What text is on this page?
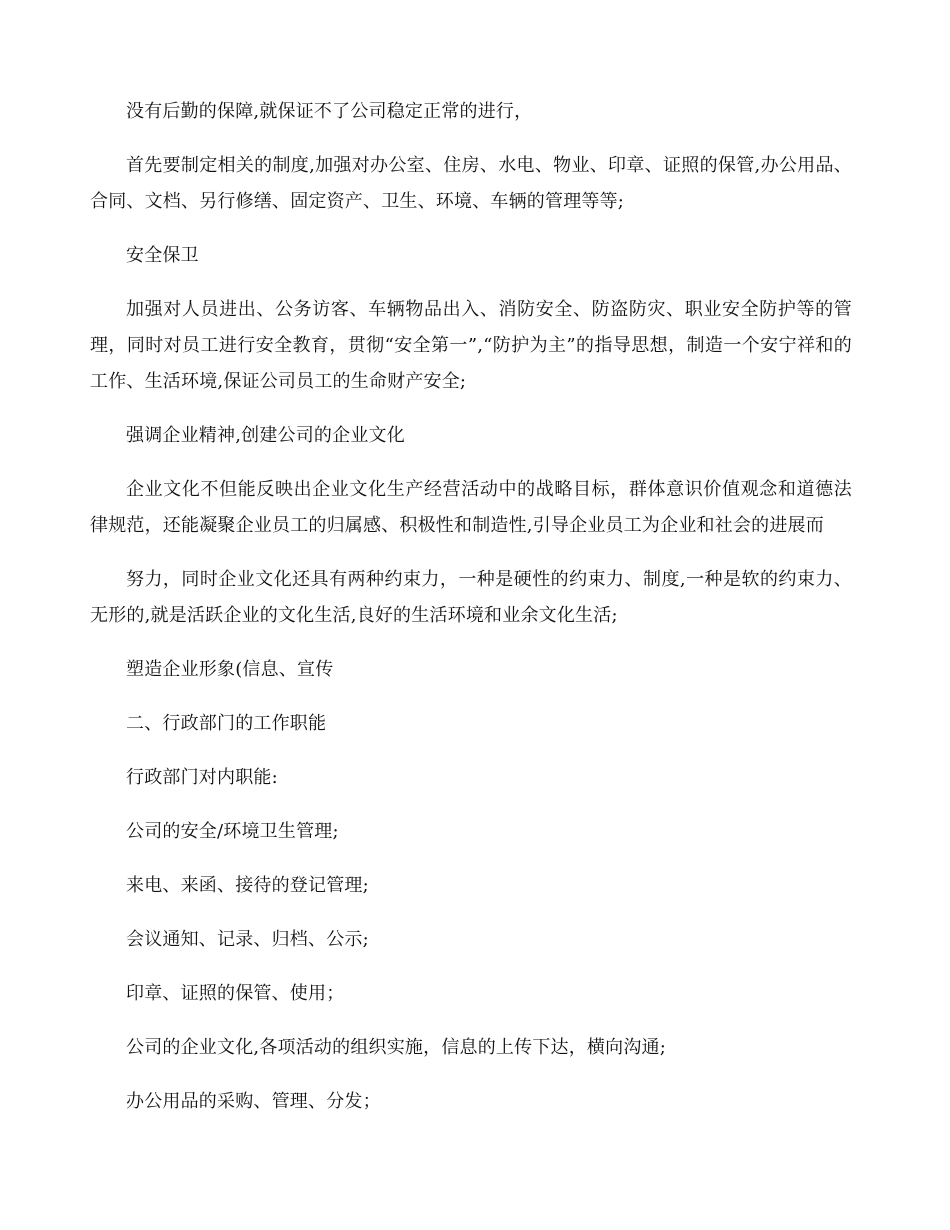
没有后勤的保障,就保证不了公司稳定正常的进行，

首先要制定相关的制度,加强对办公室、住房、水电、物业、印章、证照的保管,办公用品、合同、文档、另行修缮、固定资产、卫生、环境、车辆的管理等等;

安全保卫

加强对人员进出、公务访客、车辆物品出入、消防安全、防盗防灾、职业安全防护等的管理，同时对员工进行安全教育，贯彻“安全第一”,“防护为主”的指导思想，制造一个安宁祥和的工作、生活环境,保证公司员工的生命财产安全;

强调企业精神,创建公司的企业文化

企业文化不但能反映出企业文化生产经营活动中的战略目标，群体意识价值观念和道德法律规范，还能凝聚企业员工的归属感、积极性和制造性,引导企业员工为企业和社会的进展而

努力，同时企业文化还具有两种约束力，一种是硬性的约束力、制度,一种是软的约束力、无形的,就是活跃企业的文化生活,良好的生活环境和业余文化生活;

塑造企业形象(信息、宣传

二、行政部门的工作职能

行政部门对内职能:

公司的安全/环境卫生管理;

来电、来函、接待的登记管理;

会议通知、记录、归档、公示;

印章、证照的保管、使用；

公司的企业文化,各项活动的组织实施，信息的上传下达，横向沟通;

办公用品的采购、管理、分发；
